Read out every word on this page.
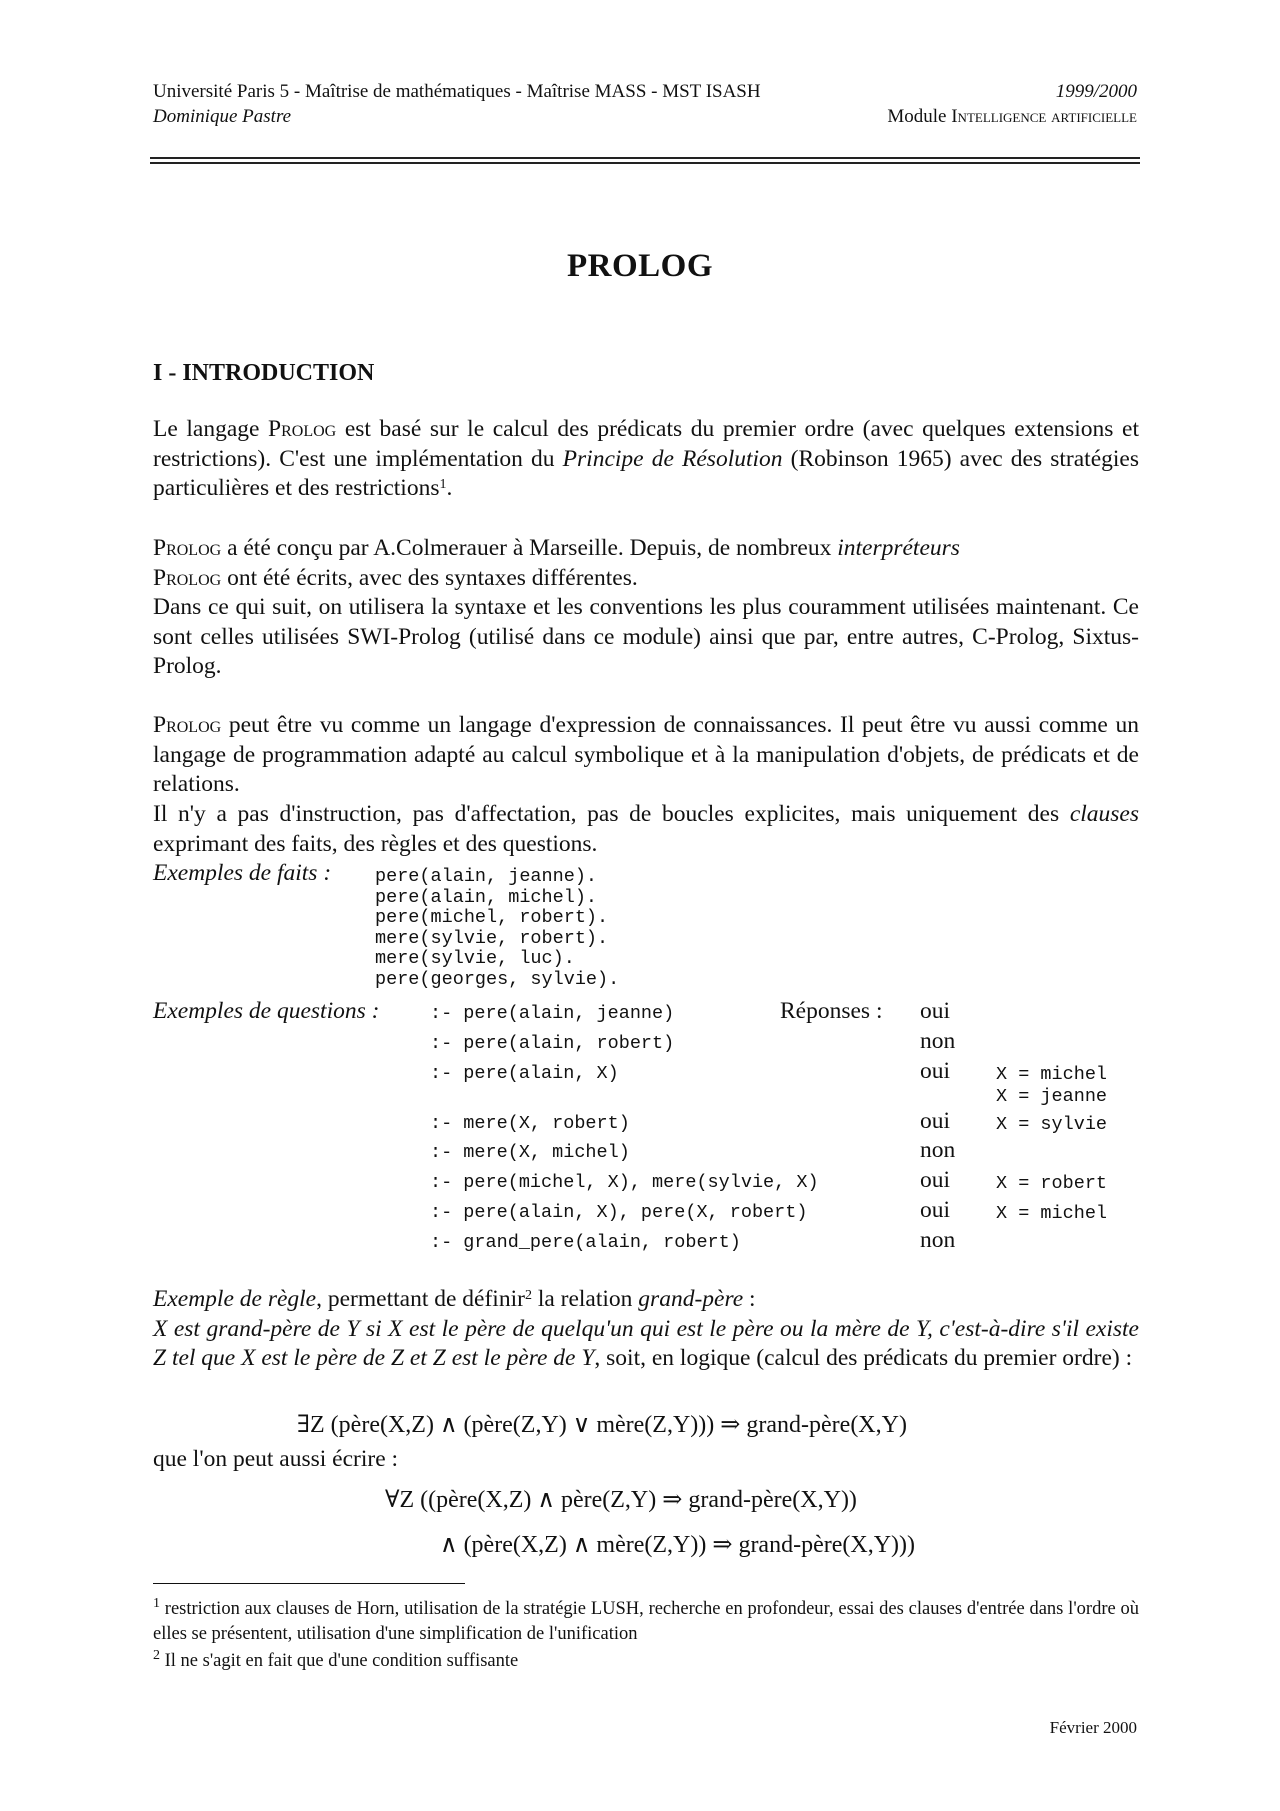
Université Paris 5 - Maîtrise de mathématiques - Maîtrise MASS - MST ISASH	1999/2000
Dominique Pastre	Module Intelligence artificielle
PROLOG
I - INTRODUCTION
Le langage Prolog est basé sur le calcul des prédicats du premier ordre (avec quelques extensions et restrictions). C'est une implémentation du Principe de Résolution (Robinson 1965) avec des stratégies particulières et des restrictions$^1$.
Prolog a été conçu par A.Colmerauer à Marseille. Depuis, de nombreux interpréteurs
Prolog ont été écrits, avec des syntaxes différentes.
Dans ce qui suit, on utilisera la syntaxe et les conventions les plus couramment utilisées maintenant. Ce sont celles utilisées SWI-Prolog (utilisé dans ce module) ainsi que par, entre autres, C-Prolog, Sixtus-Prolog.
Prolog peut être vu comme un langage d'expression de connaissances. Il peut être vu aussi comme un langage de programmation adapté au calcul symbolique et à la manipulation d'objets, de prédicats et de relations.
Il n'y a pas d'instruction, pas d'affectation, pas de boucles explicites, mais uniquement des clauses exprimant des faits, des règles et des questions.
Exemples de faits : pere(alain, jeanne).
pere(alain, michel).
pere(michel, robert).
mere(sylvie, robert).
mere(sylvie, luc).
pere(georges, sylvie).
Exemples de questions :	Réponses :
:- pere(alain, jeanne)	oui
:- pere(alain, robert)	non
:- pere(alain, X)	oui X = michel
X = jeanne
:- mere(X, robert)	oui X = sylvie
:- mere(X, michel)	non
:- pere(michel, X), mere(sylvie, X)	oui X = robert
:- pere(alain, X), pere(X, robert)	oui X = michel
:- grand_pere(alain, robert)	non
Exemple de règle, permettant de définir$^2$ la relation grand-père :
X est grand-père de Y si X est le père de quelqu'un qui est le père ou la mère de Y, c'est-à-dire s'il existe Z tel que X est le père de Z et Z est le père de Y, soit, en logique (calcul des prédicats du premier ordre) :
∃Z (père(X,Z) ∧ (père(Z,Y) ∨ mère(Z,Y))) ⇒ grand-père(X,Y)
que l'on peut aussi écrire :
∀Z ((père(X,Z) ∧ père(Z,Y) ⇒ grand-père(X,Y))
∧ (père(X,Z) ∧ mère(Z,Y)) ⇒ grand-père(X,Y)))
$^1$ restriction aux clauses de Horn, utilisation de la stratégie LUSH, recherche en profondeur, essai des clauses d'entrée dans l'ordre où elles se présentent, utilisation d'une simplification de l'unification
$^2$ Il ne s'agit en fait que d'une condition suffisante
Février 2000
